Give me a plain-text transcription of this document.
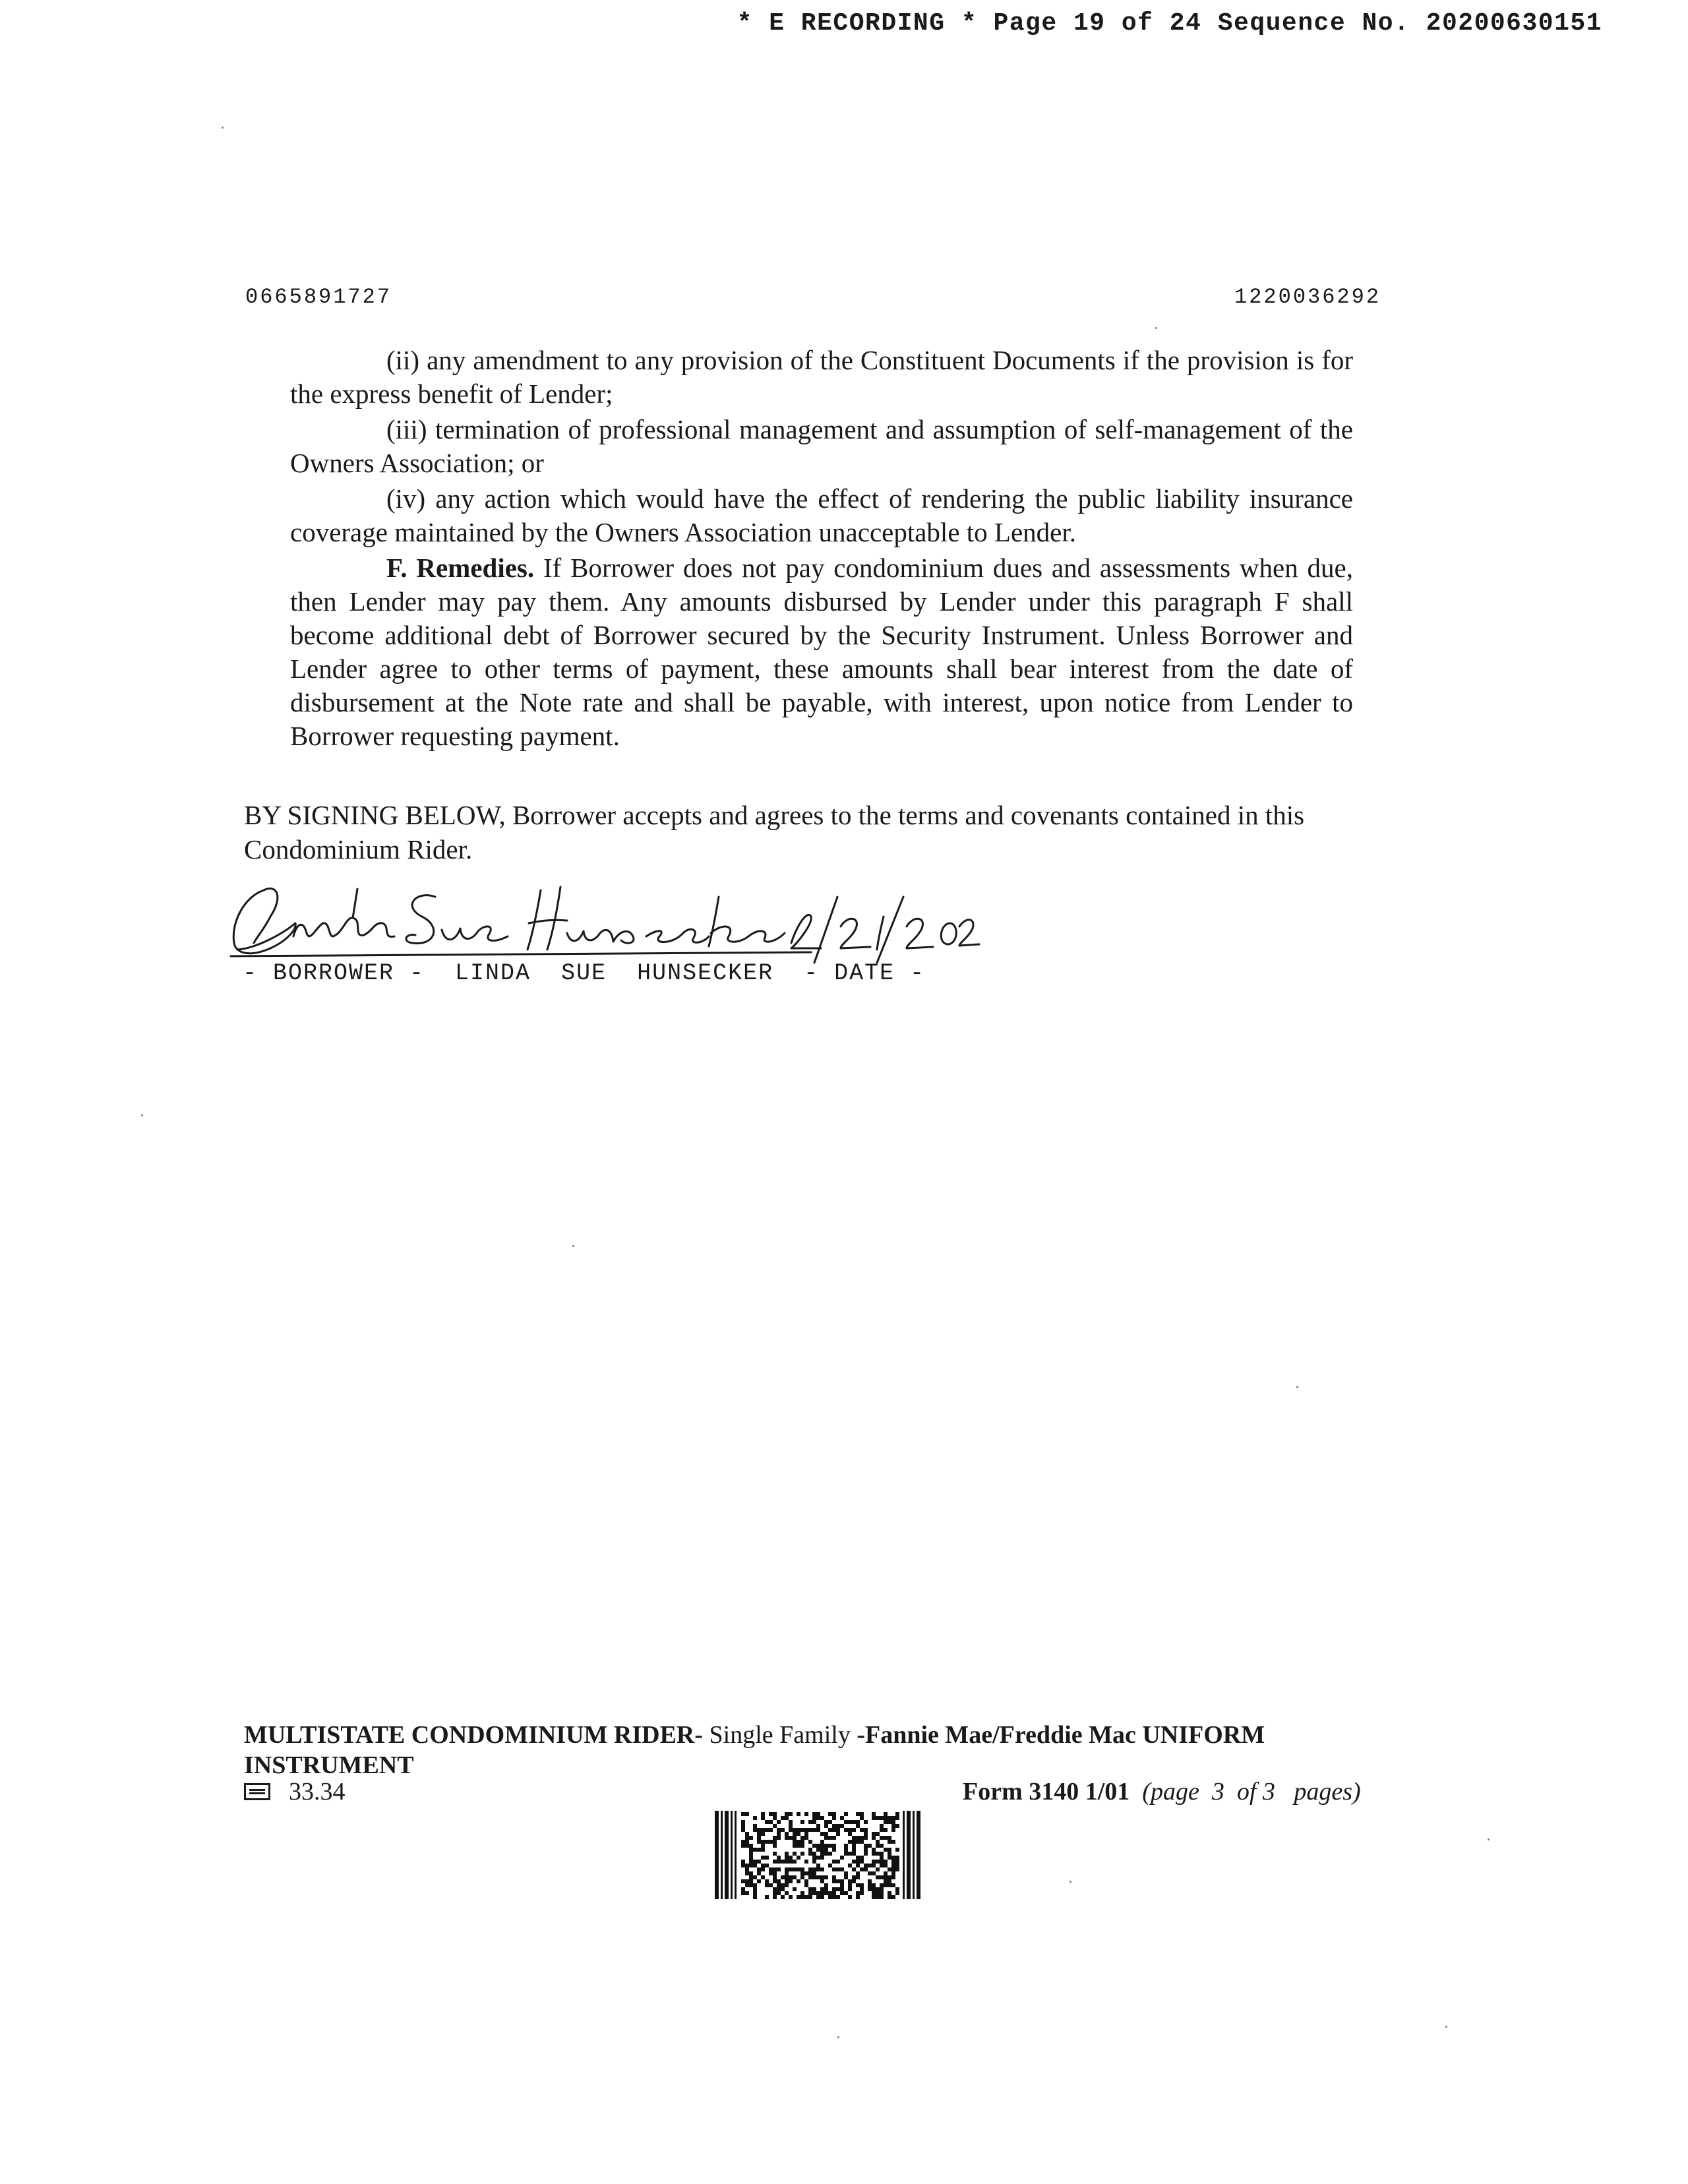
* E RECORDING * Page 19 of 24 Sequence No. 20200630151
0665891727	1220036292

(ii) any amendment to any provision of the Constituent Documents if the provision is for the express benefit of Lender;

(iii) termination of professional management and assumption of self-management of the Owners Association; or

(iv) any action which would have the effect of rendering the public liability insurance coverage maintained by the Owners Association unacceptable to Lender.

F. Remedies. If Borrower does not pay condominium dues and assessments when due, then Lender may pay them. Any amounts disbursed by Lender under this paragraph F shall become additional debt of Borrower secured by the Security Instrument. Unless Borrower and Lender agree to other terms of payment, these amounts shall bear interest from the date of disbursement at the Note rate and shall be payable, with interest, upon notice from Lender to Borrower requesting payment.

BY SIGNING BELOW, Borrower accepts and agrees to the terms and covenants contained in this Condominium Rider.
- BORROWER -  LINDA  SUE  HUNSECKER  - DATE -
MULTISTATE CONDOMINIUM RIDER- Single Family -Fannie Mae/Freddie Mac UNIFORM INSTRUMENT
33.34	Form 3140 1/01 (page  3  of 3   pages)
